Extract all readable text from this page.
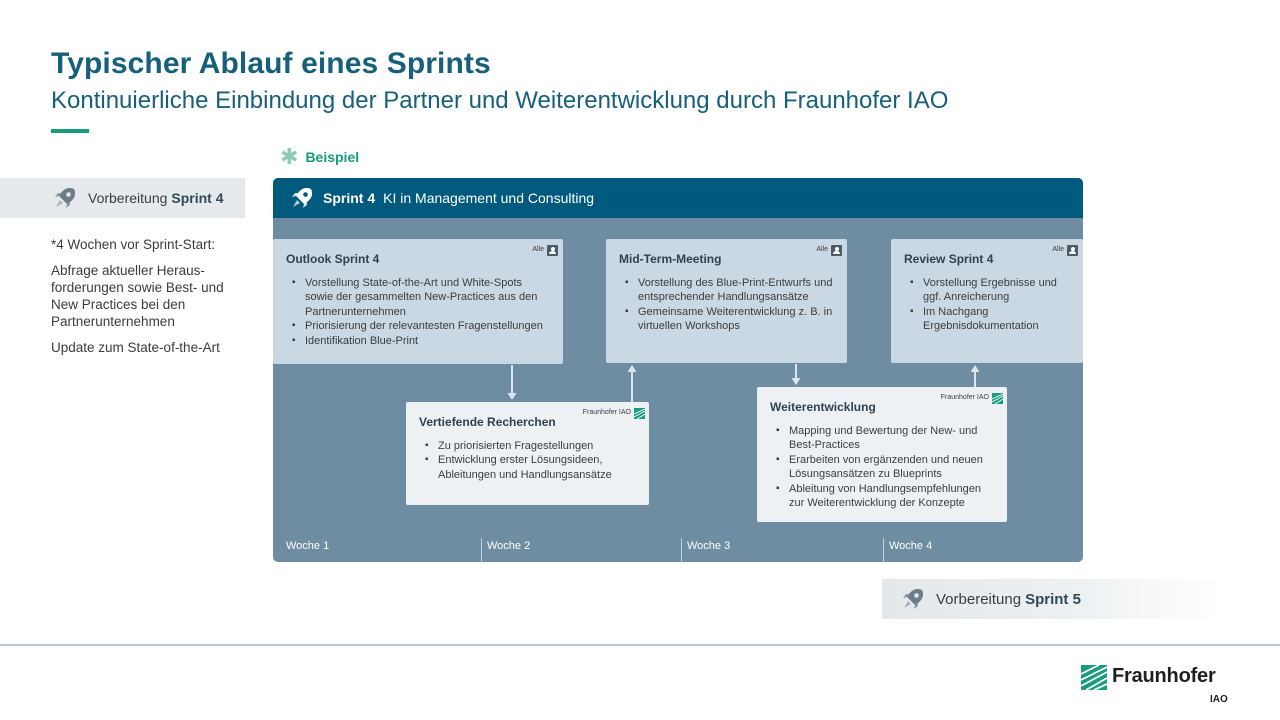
Typischer Ablauf eines Sprints
Kontinuierliche Einbindung der Partner und Weiterentwicklung durch Fraunhofer IAO
✱ Beispiel
Vorbereitung Sprint 4

*4 Wochen vor Sprint-Start:

Abfrage aktueller Heraus- forderungen sowie Best- und New Practices bei den Partnerunternehmen

Update zum State-of-the-Art

Sprint 4 KI in Management und Consulting
Alle
Outlook Sprint 4
▪ Vorstellung State-of-the-Art und White-Spots sowie der gesammelten New-Practices aus den Partnerunternehmen
▪ Priorisierung der relevantesten Fragenstellungen
▪ Identifikation Blue-Print
Alle
Mid-Term-Meeting
▪ Vorstellung des Blue-Print-Entwurfs und entsprechender Handlungsansätze
▪ Gemeinsame Weiterentwicklung z. B. in virtuellen Workshops
Alle
Review Sprint 4
▪ Vorstellung Ergebnisse und ggf. Anreicherung
▪ Im Nachgang Ergebnisdokumentation
Fraunhofer IAO
Vertiefende Recherchen
▪ Zu priorisierten Fragestellungen
▪ Entwicklung erster Lösungsideen, Ableitungen und Handlungsansätze
Fraunhofer IAO
Weiterentwicklung
▪ Mapping und Bewertung der New- und Best-Practices
▪ Erarbeiten von ergänzenden und neuen Lösungsansätzen zu Blueprints
▪ Ableitung von Handlungsempfehlungen zur Weiterentwicklung der Konzepte
Woche 1	Woche 2	Woche 3	Woche 4
Vorbereitung Sprint 5
Fraunhofer
IAO
